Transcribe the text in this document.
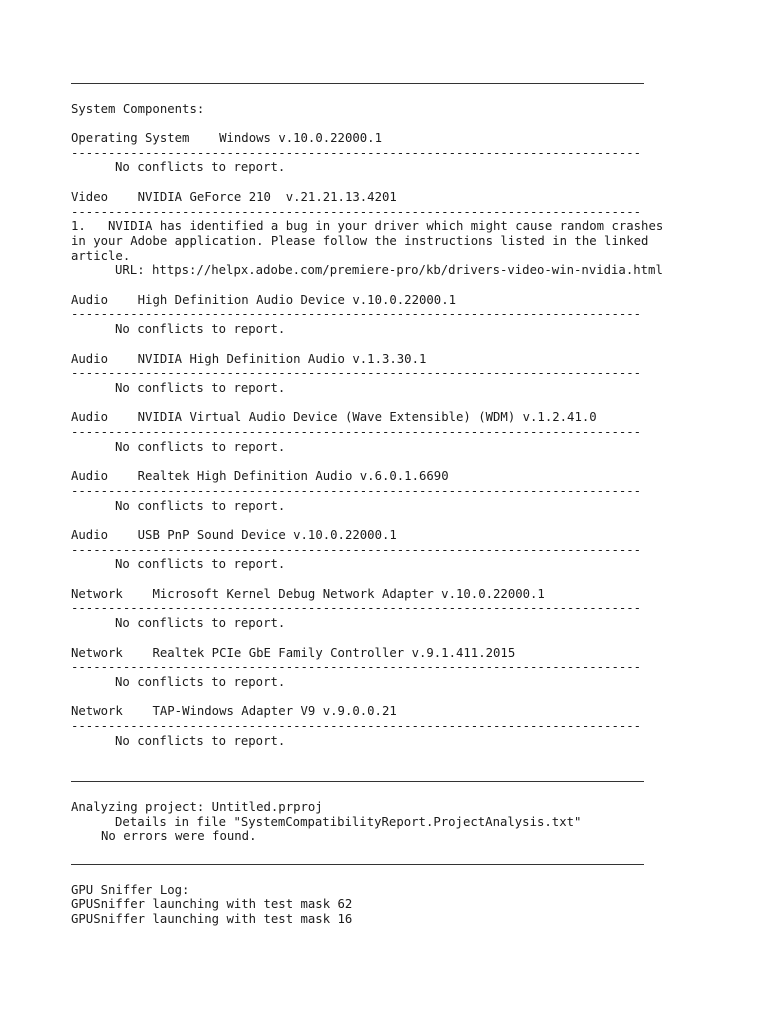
System Components:
Operating System Windows v.10.0.22000.1
-----------------------------------------------------------------------------
No conflicts to report.
Video NVIDIA GeForce 210  v.21.21.13.4201
-----------------------------------------------------------------------------
1.   NVIDIA has identified a bug in your driver which might cause random crashes in your Adobe application. Please follow the instructions listed in the linked article.
URL: https://helpx.adobe.com/premiere-pro/kb/drivers-video-win-nvidia.html
Audio High Definition Audio Device v.10.0.22000.1
-----------------------------------------------------------------------------
No conflicts to report.
Audio NVIDIA High Definition Audio v.1.3.30.1
-----------------------------------------------------------------------------
No conflicts to report.
Audio NVIDIA Virtual Audio Device (Wave Extensible) (WDM) v.1.2.41.0
-----------------------------------------------------------------------------
No conflicts to report.
Audio Realtek High Definition Audio v.6.0.1.6690
-----------------------------------------------------------------------------
No conflicts to report.
Audio USB PnP Sound Device v.10.0.22000.1
-----------------------------------------------------------------------------
No conflicts to report.
Network Microsoft Kernel Debug Network Adapter v.10.0.22000.1
-----------------------------------------------------------------------------
No conflicts to report.
Network Realtek PCIe GbE Family Controller v.9.1.411.2015
-----------------------------------------------------------------------------
No conflicts to report.
Network TAP-Windows Adapter V9 v.9.0.0.21
-----------------------------------------------------------------------------
No conflicts to report.
Analyzing project: Untitled.prproj
Details in file "SystemCompatibilityReport.ProjectAnalysis.txt"
No errors were found.
GPU Sniffer Log:
GPUSniffer launching with test mask 62
GPUSniffer launching with test mask 16
